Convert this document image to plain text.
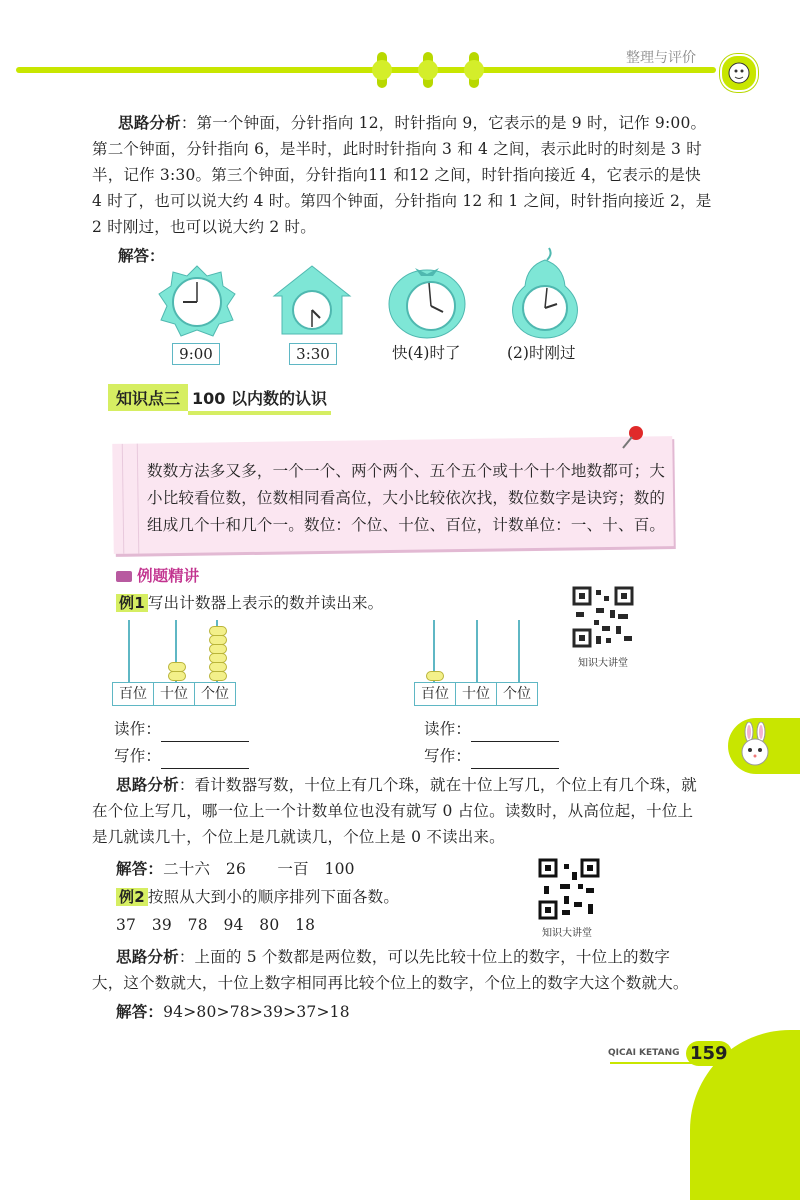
整理与评价
思路分析：第一个钟面，分针指向 12，时针指向 9，它表示的是 9 时，记作 9:00。
第二个钟面，分针指向 6，是半时，此时时针指向 3 和 4 之间，表示此时的时刻是 3 时
半，记作 3:30。第三个钟面，分针指向11 和12 之间，时针指向接近 4，它表示的是快
4 时了，也可以说大约 4 时。第四个钟面，分针指向 12 和 1 之间，时针指向接近 2，是
2 时刚过，也可以说大约 2 时。
解答：
9:00	3:30	快(4)时了	(2)时刚过
知识点三 100 以内数的认识
数数方法多又多，一个一个、两个两个、五个五个或十个十个地数都可；大
小比较看位数，位数相同看高位，大小比较依次找，数位数字是诀窍；数的
组成几个十和几个一。数位：个位、十位、百位，计数单位：一、十、百。
例题精讲
例1 写出计数器上表示的数并读出来。
知识大讲堂
百位 十位 个位	百位 十位 个位
读作：
写作：
读作：
写作：
思路分析：看计数器写数，十位上有几个珠，就在十位上写几，个位上有几个珠，就
在个位上写几，哪一位上一个计数单位也没有就写 0 占位。读数时，从高位起，十位上
是几就读几十，个位上是几就读几，个位上是 0 不读出来。
解答：二十六　26　　一百　100
知识大讲堂
例2 按照从大到小的顺序排列下面各数。
37　39　78　94　80　18
思路分析：上面的 5 个数都是两位数，可以先比较十位上的数字，十位上的数字
大，这个数就大，十位上数字相同再比较个位上的数字，个位上的数字大这个数就大。
解答：94>80>78>39>37>18
QICAI KETANG 159
